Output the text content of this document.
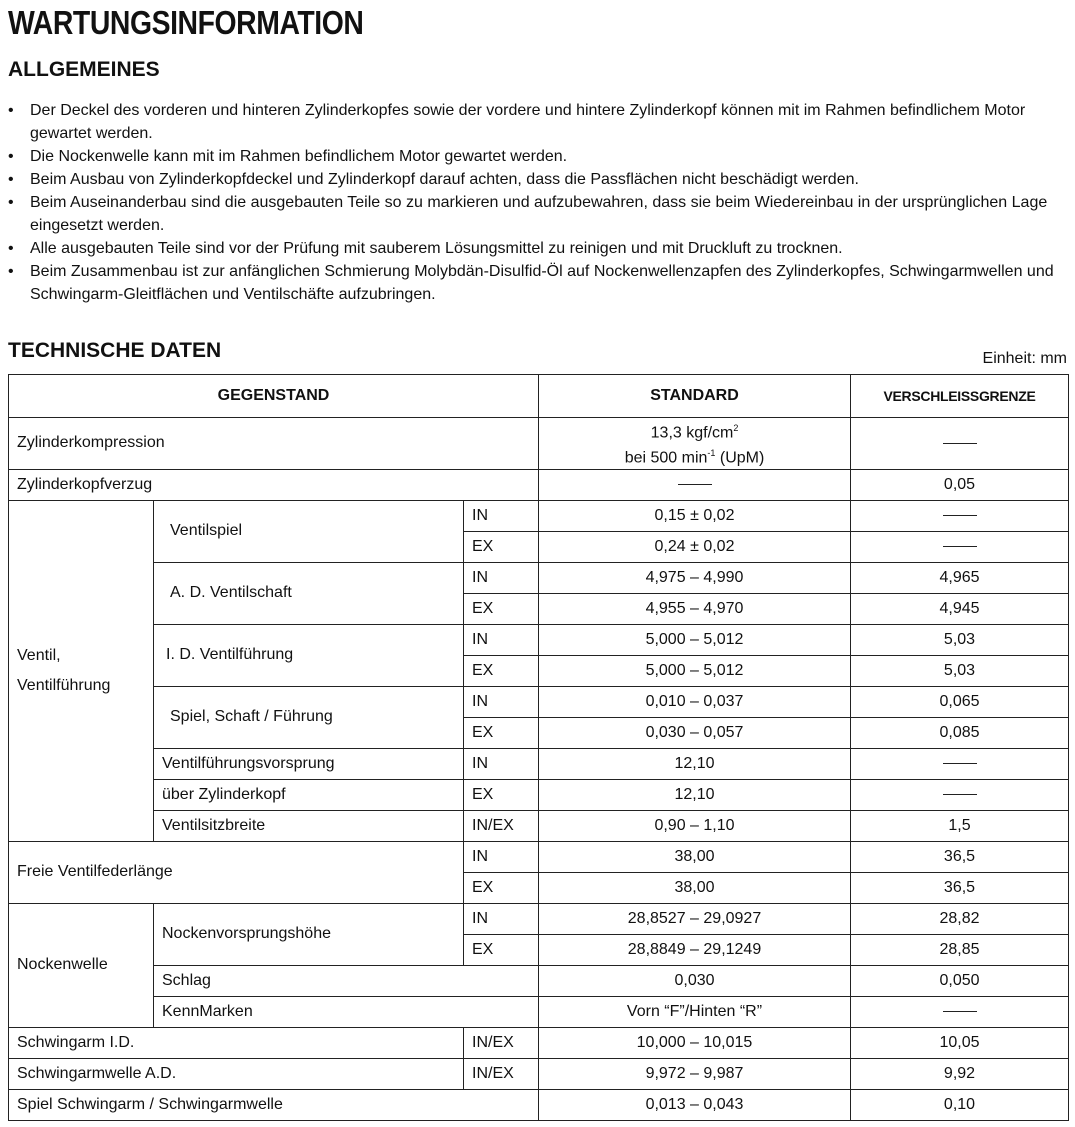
WARTUNGSINFORMATION
ALLGEMEINES
•	Der Deckel des vorderen und hinteren Zylinderkopfes sowie der vordere und hintere Zylinderkopf können mit im Rahmen befindlichem Motor gewartet werden.
•	Die Nockenwelle kann mit im Rahmen befindlichem Motor gewartet werden.
•	Beim Ausbau von Zylinderkopfdeckel und Zylinderkopf darauf achten, dass die Passflächen nicht beschädigt werden.
•	Beim Auseinanderbau sind die ausgebauten Teile so zu markieren und aufzubewahren, dass sie beim Wiedereinbau in der ursprünglichen Lage eingesetzt werden.
•	Alle ausgebauten Teile sind vor der Prüfung mit sauberem Lösungsmittel zu reinigen und mit Druckluft zu trocknen.
•	Beim Zusammenbau ist zur anfänglichen Schmierung Molybdän-Disulfid-Öl auf Nockenwellenzapfen des Zylinderkopfes, Schwingarmwellen und Schwingarm-Gleitflächen und Ventilschäfte aufzubringen.
TECHNISCHE DATEN	Einheit: mm
GEGENSTAND			STANDARD	VERSCHLEISSGRENZE
Zylinderkompression			13,3 kgf/$cm^2$
bei 500 $\min^{-1} (UpM)$	
Zylinderkopfverzug				0,05
Ventil,
Ventilführung	Ventilspiel	IN	0,15 ± 0,02	
		EX	0,24 ± 0,02	
	A. D. Ventilschaft	IN	4,975 – 4,990	4,965
		EX	4,955 – 4,970	4,945
	I. D. Ventilführung	IN	5,000 – 5,012	5,03
		EX	5,000 – 5,012	5,03
	Spiel, Schaft / Führung	IN	0,010 – 0,037	0,065
		EX	0,030 – 0,057	0,085
	Ventilführungsvorsprung	IN	12,10	
	über Zylinderkopf	EX	12,10	
	Ventilsitzbreite	IN/EX	0,90 – 1,10	1,5
Freie Ventilfederlänge		IN	38,00	36,5
		EX	38,00	36,5
Nockenwelle	Nockenvorsprungshöhe	IN	28,8527 – 29,0927	28,82
		EX	28,8849 – 29,1249	28,85
	Schlag		0,030	0,050
	KennMarken		Vorn “F”/Hinten “R”	
Schwingarm I.D.		IN/EX	10,000 – 10,015	10,05
Schwingarmwelle A.D.		IN/EX	9,972 – 9,987	9,92
Spiel Schwingarm / Schwingarmwelle			0,013 – 0,043	0,10
